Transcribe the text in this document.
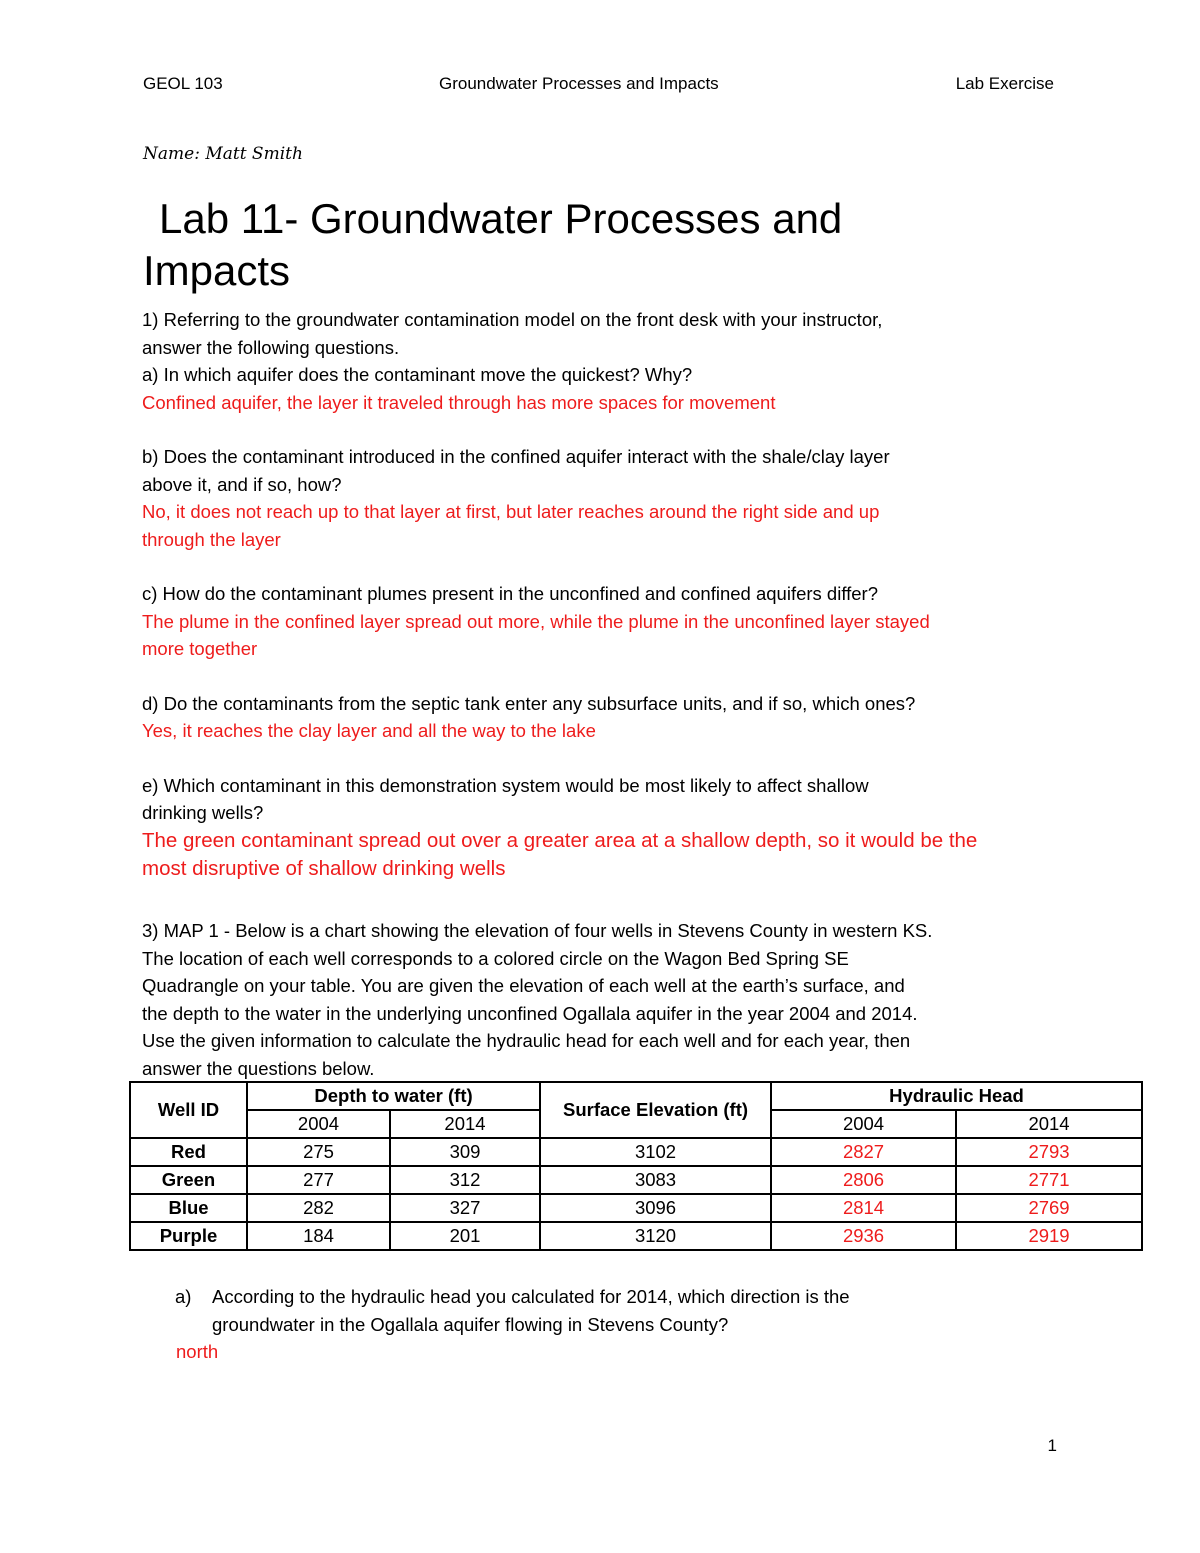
GEOL 103	Groundwater Processes and Impacts	Lab Exercise
Name: Matt Smith
Lab 11- Groundwater Processes and
Impacts

1) Referring to the groundwater contamination model on the front desk with your instructor,

answer the following questions.

a) In which aquifer does the contaminant move the quickest? Why?

Confined aquifer, the layer it traveled through has more spaces for movement

b) Does the contaminant introduced in the confined aquifer interact with the shale/clay layer

above it, and if so, how?

No, it does not reach up to that layer at first, but later reaches around the right side and up

through the layer

c) How do the contaminant plumes present in the unconfined and confined aquifers differ?

The plume in the confined layer spread out more, while the plume in the unconfined layer stayed

more together

d) Do the contaminants from the septic tank enter any subsurface units, and if so, which ones?

Yes, it reaches the clay layer and all the way to the lake

e) Which contaminant in this demonstration system would be most likely to affect shallow

drinking wells?

The green contaminant spread out over a greater area at a shallow depth, so it would be the

most disruptive of shallow drinking wells

3) MAP 1 - Below is a chart showing the elevation of four wells in Stevens County in western KS.

The location of each well corresponds to a colored circle on the Wagon Bed Spring SE

Quadrangle on your table. You are given the elevation of each well at the earth’s surface, and

the depth to the water in the underlying unconfined Ogallala aquifer in the year 2004 and 2014.

Use the given information to calculate the hydraulic head for each well and for each year, then

answer the questions below.

Well ID	Depth to water (ft)		Surface Elevation (ft)	Hydraulic Head	
	2004	2014		2004	2014
Red	275	309	3102	2827	2793
Green	277	312	3083	2806	2771
Blue	282	327	3096	2814	2769
Purple	184	201	3120	2936	2919
a) According to the hydraulic head you calculated for 2014, which direction is the

groundwater in the Ogallala aquifer flowing in Stevens County?

north

1
